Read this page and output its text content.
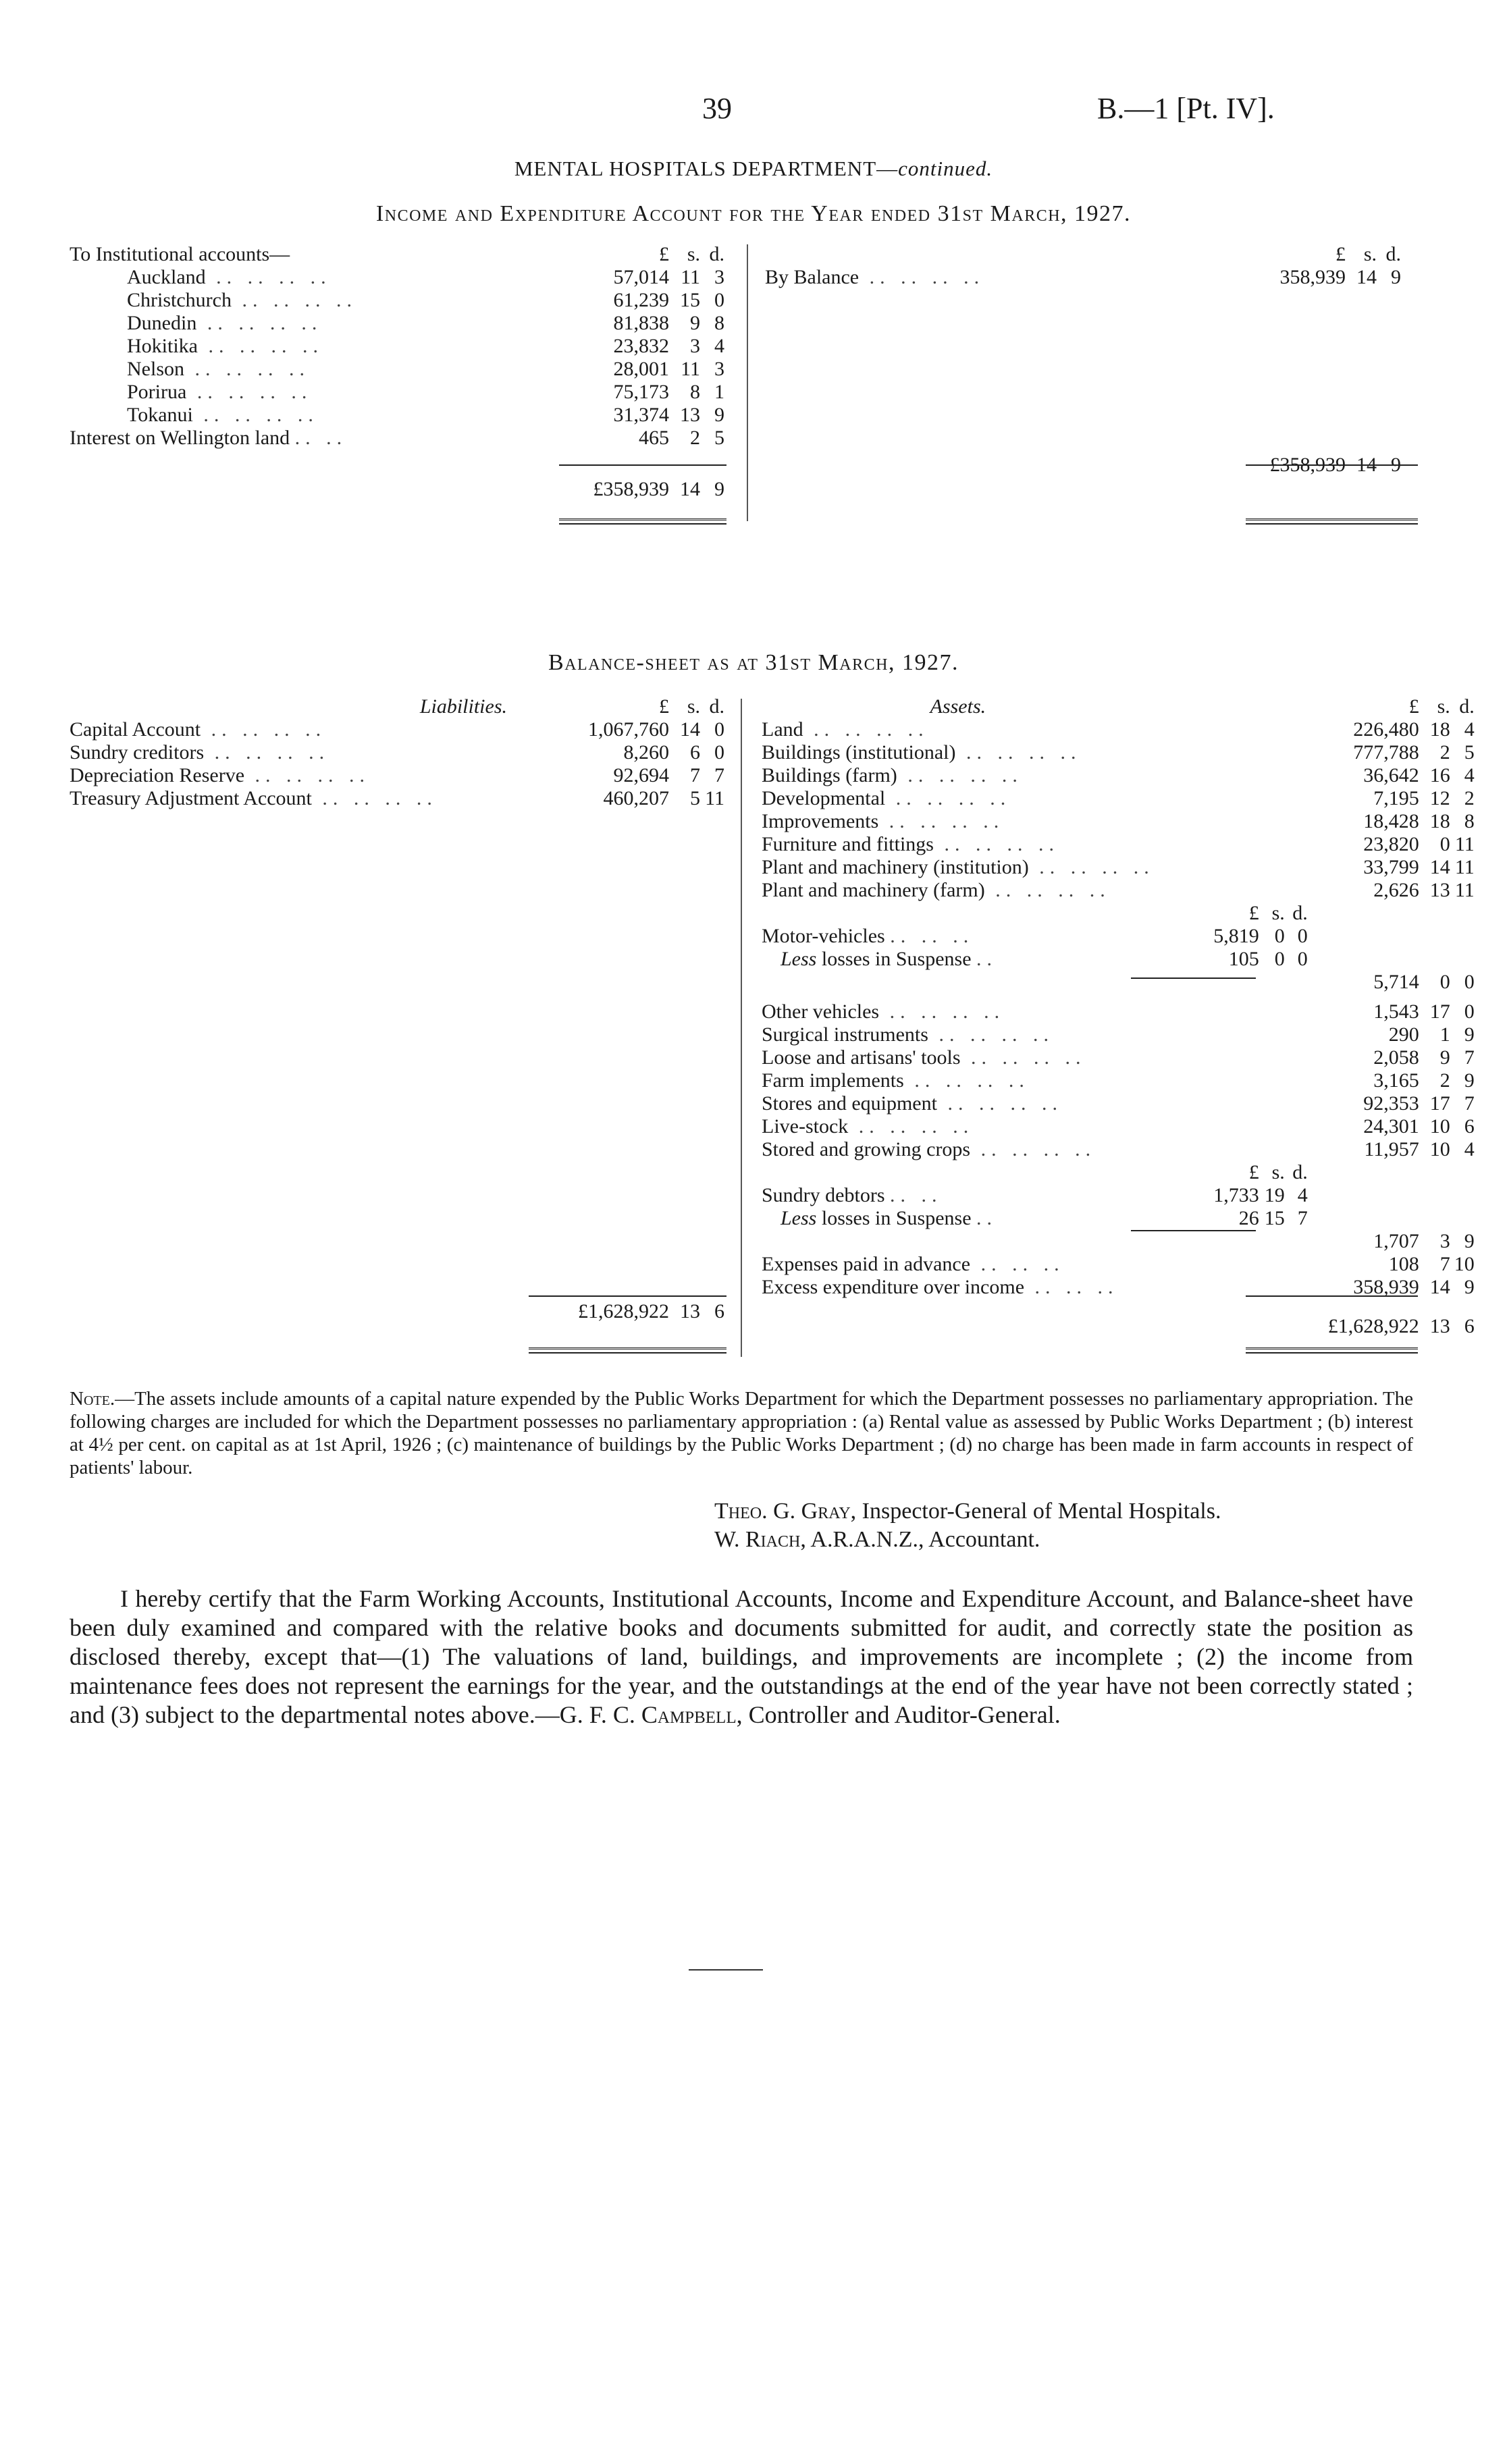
39	B.—1 [Pt. IV].
MENTAL HOSPITALS DEPARTMENT—continued.
Income and Expenditure Account for the Year ended 31st March, 1927.
To Institutional accounts—	£	s.	d.
Auckland .. .. .. ..	57,014	11	3
Christchurch .. .. .. ..	61,239	15	0
Dunedin .. .. .. ..	81,838	9	8
Hokitika .. .. .. ..	23,832	3	4
Nelson .. .. .. ..	28,001	11	3
Porirua .. .. .. ..	75,173	8	1
Tokanui .. .. .. ..	31,374	13	9
Interest on Wellington land .. ..	465	2	5

	£358,939	14	9
	£	s.	d.
By Balance .. .. .. ..	358,939	14	9

	£358,939	14	9
Balance-sheet as at 31st March, 1927.
Liabilities.	£	s.	d.
Capital Account .. .. .. ..	1,067,760	14	0
Sundry creditors .. .. .. ..	8,260	6	0
Depreciation Reserve .. .. .. ..	92,694	7	7
Treasury Adjustment Account .. .. .. ..	460,207	5	11

	£1,628,922	13	6
Assets.				£	s.	d.
Land .. .. .. ..				226,480	18	4
Buildings (institutional) .. .. .. ..				777,788	2	5
Buildings (farm) .. .. .. ..				36,642	16	4
Developmental .. .. .. ..				7,195	12	2
Improvements .. .. .. ..				18,428	18	8
Furniture and fittings .. .. .. ..				23,820	0	11
Plant and machinery (institution) .. .. .. ..				33,799	14	11
Plant and machinery (farm) .. .. .. ..				2,626	13	11
	£	s.	d.			
Motor-vehicles .. .. ..	5,819	0	0			
Less losses in Suspense ..	105	0	0			
				5,714	0	0

Other vehicles .. .. .. ..				1,543	17	0
Surgical instruments .. .. .. ..				290	1	9
Loose and artisans' tools .. .. .. ..				2,058	9	7
Farm implements .. .. .. ..				3,165	2	9
Stores and equipment .. .. .. ..				92,353	17	7
Live-stock .. .. .. ..				24,301	10	6
Stored and growing crops .. .. .. ..				11,957	10	4
	£	s.	d.			
Sundry debtors .. ..	1,733	19	4			
Less losses in Suspense ..	26	15	7			
				1,707	3	9
Expenses paid in advance .. .. ..				108	7	10
Excess expenditure over income .. .. ..				358,939	14	9

				£1,628,922	13	6
Note.—The assets include amounts of a capital nature expended by the Public Works Department for which the Department possesses no parliamentary appropriation. The following charges are included for which the Department possesses no parliamentary appropriation : (a) Rental value as assessed by Public Works Department ; (b) interest at 4½ per cent. on capital as at 1st April, 1926 ; (c) maintenance of buildings by the Public Works Department ; (d) no charge has been made in farm accounts in respect of patients' labour.
Theo. G. Gray, Inspector-General of Mental Hospitals.
W. Riach, A.R.A.N.Z., Accountant.
I hereby certify that the Farm Working Accounts, Institutional Accounts, Income and Expenditure Account, and Balance-sheet have been duly examined and compared with the relative books and documents submitted for audit, and correctly state the position as disclosed thereby, except that—(1) The valuations of land, buildings, and improvements are incomplete ; (2) the income from maintenance fees does not represent the earnings for the year, and the outstandings at the end of the year have not been correctly stated ; and (3) subject to the departmental notes above.—G. F. C. Campbell, Controller and Auditor-General.
